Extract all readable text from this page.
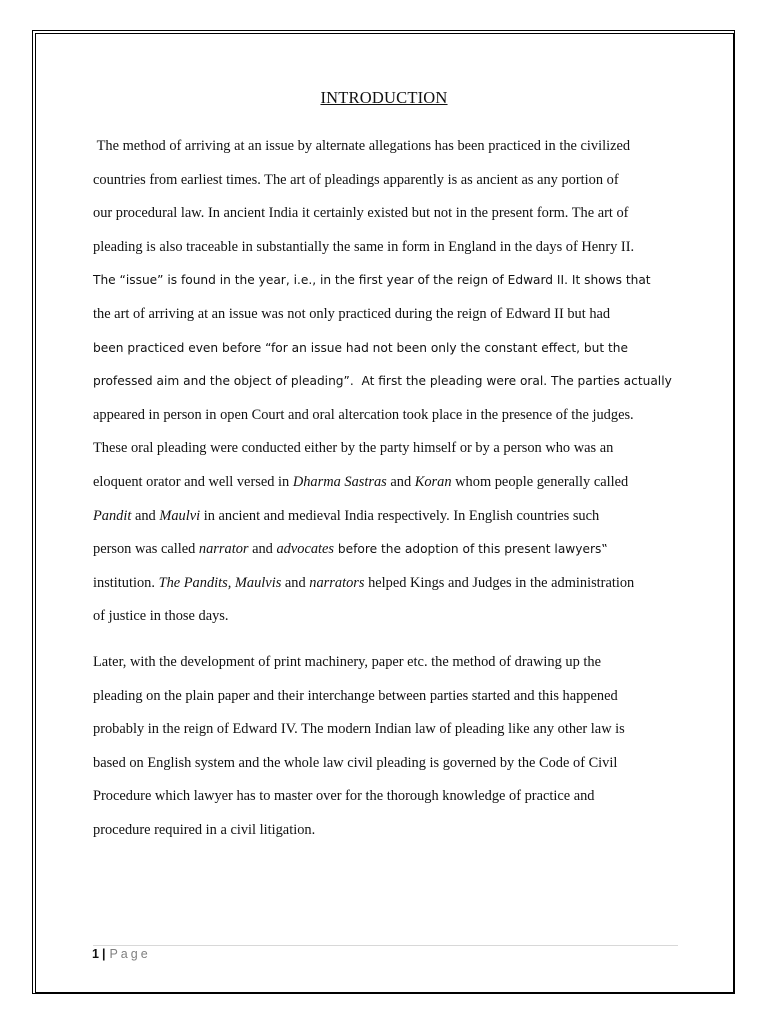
INTRODUCTION
The method of arriving at an issue by alternate allegations has been practiced in the civilized
countries from earliest times. The art of pleadings apparently is as ancient as any portion of
our procedural law. In ancient India it certainly existed but not in the present form. The art of
pleading is also traceable in substantially the same in form in England in the days of Henry II.
The “issue” is found in the year, i.e., in the first year of the reign of Edward II. It shows that
the art of arriving at an issue was not only practiced during the reign of Edward II but had
been practiced even before “for an issue had not been only the constant effect, but the
professed aim and the object of pleading”. At first the pleading were oral. The parties actually
appeared in person in open Court and oral altercation took place in the presence of the judges.
These oral pleading were conducted either by the party himself or by a person who was an
eloquent orator and well versed in Dharma Sastras and Koran whom people generally called
Pandit and Maulvi in ancient and medieval India respectively. In English countries such
person was called narrator and advocates before the adoption of this present lawyers‟
institution. The Pandits, Maulvis and narrators helped Kings and Judges in the administration
of justice in those days.
Later, with the development of print machinery, paper etc. the method of drawing up the
pleading on the plain paper and their interchange between parties started and this happened
probably in the reign of Edward IV. The modern Indian law of pleading like any other law is
based on English system and the whole law civil pleading is governed by the Code of Civil
Procedure which lawyer has to master over for the thorough knowledge of practice and
procedure required in a civil litigation.
1 | Page
